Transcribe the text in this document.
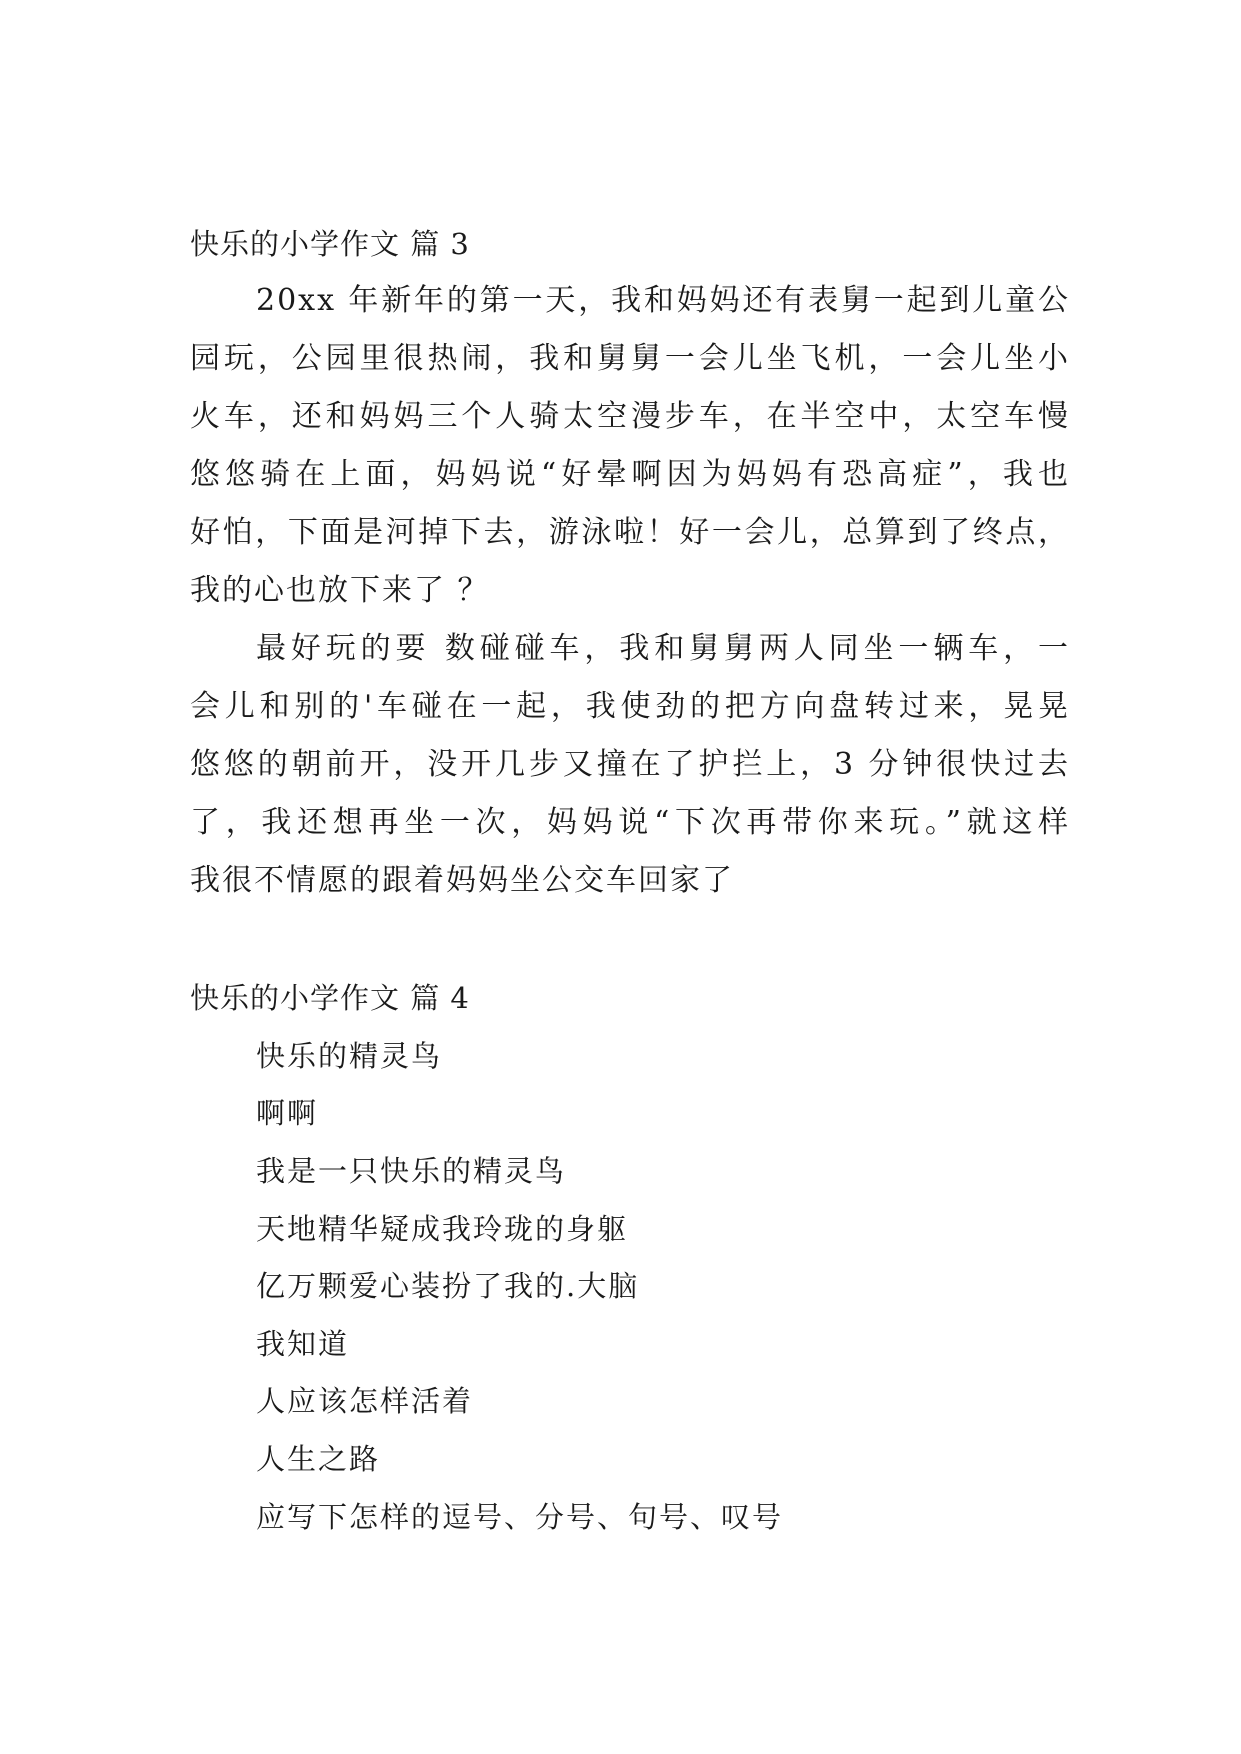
快乐的小学作文 篇 3
20xx 年新年的第一天，我和妈妈还有表舅一起到儿童公
园玩，公园里很热闹，我和舅舅一会儿坐飞机，一会儿坐小
火车，还和妈妈三个人骑太空漫步车，在半空中，太空车慢
悠悠骑在上面，妈妈说“好晕啊因为妈妈有恐高症”，我也
好怕，下面是河掉下去，游泳啦！好一会儿，总算到了终点，
我的心也放下来了 ？
最好玩的要 数碰碰车，我和舅舅两人同坐一辆车，一
会儿和别的'车碰在一起，我使劲的把方向盘转过来，晃晃
悠悠的朝前开，没开几步又撞在了护拦上，3 分钟很快过去
了，我还想再坐一次，妈妈说“下次再带你来玩。”就这样
我很不情愿的跟着妈妈坐公交车回家了
快乐的小学作文 篇 4
快乐的精灵鸟
啊啊
我是一只快乐的精灵鸟
天地精华疑成我玲珑的身躯
亿万颗爱心装扮了我的.大脑
我知道
人应该怎样活着
人生之路
应写下怎样的逗号、分号、句号、叹号
